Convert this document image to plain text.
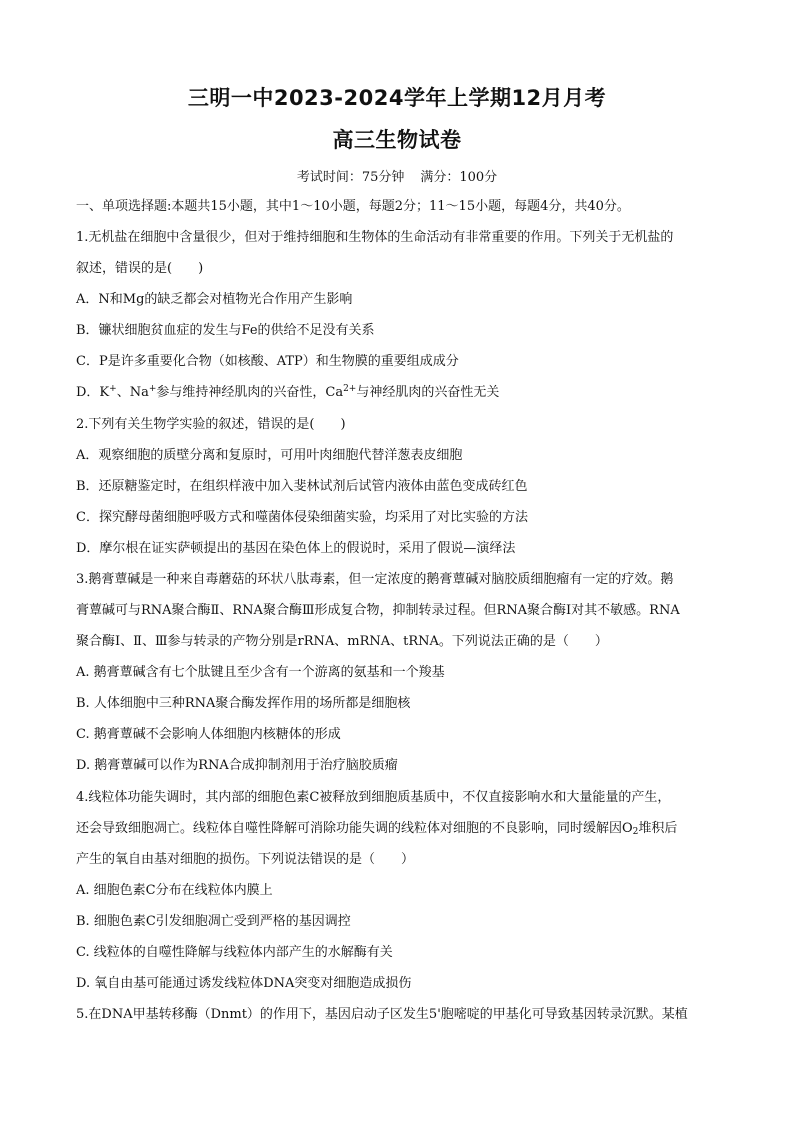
三明一中2023-2024学年上学期12月月考
高三生物试卷
考试时间：75分钟 满分：100分
一、单项选择题:本题共15小题，其中1～10小题，每题2分；11～15小题，每题4分，共40分。
1.无机盐在细胞中含量很少，但对于维持细胞和生物体的生命活动有非常重要的作用。下列关于无机盐的
叙述，错误的是(　　)
A．N和Mg的缺乏都会对植物光合作用产生影响
B．镰状细胞贫血症的发生与Fe的供给不足没有关系
C．P是许多重要化合物（如核酸、ATP）和生物膜的重要组成成分
D．K+、Na+参与维持神经肌肉的兴奋性，$Ca^{2+}$与神经肌肉的兴奋性无关
2.下列有关生物学实验的叙述，错误的是(　　)
A．观察细胞的质壁分离和复原时，可用叶肉细胞代替洋葱表皮细胞
B．还原糖鉴定时，在组织样液中加入斐林试剂后试管内液体由蓝色变成砖红色
C．探究酵母菌细胞呼吸方式和噬菌体侵染细菌实验，均采用了对比实验的方法
D．摩尔根在证实萨顿提出的基因在染色体上的假说时，采用了假说—演绎法
3.鹅膏蕈碱是一种来自毒蘑菇的环状八肽毒素，但一定浓度的鹅膏蕈碱对脑胶质细胞瘤有一定的疗效。鹅
膏蕈碱可与RNA聚合酶Ⅱ、RNA聚合酶Ⅲ形成复合物，抑制转录过程。但RNA聚合酶Ⅰ对其不敏感。RNA
聚合酶Ⅰ、Ⅱ、Ⅲ参与转录的产物分别是rRNA、mRNA、tRNA。下列说法正确的是（　　）
A. 鹅膏蕈碱含有七个肽键且至少含有一个游离的氨基和一个羧基
B. 人体细胞中三种RNA聚合酶发挥作用的场所都是细胞核
C. 鹅膏蕈碱不会影响人体细胞内核糖体的形成
D. 鹅膏蕈碱可以作为RNA合成抑制剂用于治疗脑胶质瘤
4.线粒体功能失调时，其内部的细胞色素C被释放到细胞质基质中，不仅直接影响水和大量能量的产生，
还会导致细胞凋亡。线粒体自噬性降解可消除功能失调的线粒体对细胞的不良影响，同时缓解因$O_2$堆积后
产生的氧自由基对细胞的损伤。下列说法错误的是（　　）
A. 细胞色素C分布在线粒体内膜上
B. 细胞色素C引发细胞凋亡受到严格的基因调控
C. 线粒体的自噬性降解与线粒体内部产生的水解酶有关
D. 氧自由基可能通过诱发线粒体DNA突变对细胞造成损伤
5.在DNA甲基转移酶（Dnmt）的作用下，基因启动子区发生5'胞嘧啶的甲基化可导致基因转录沉默。某植
